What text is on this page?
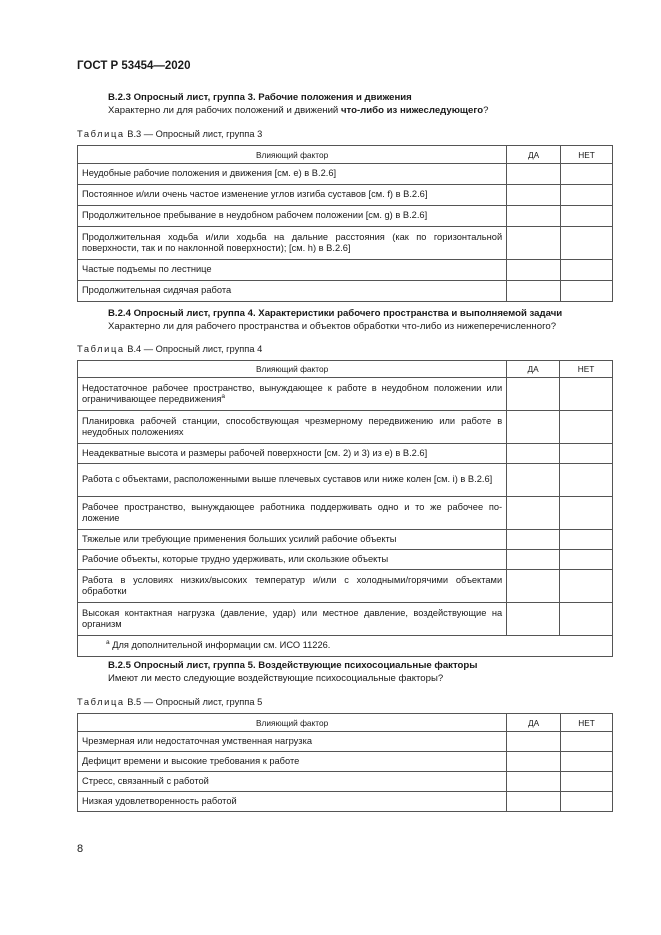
ГОСТ Р 53454—2020
B.2.3 Опросный лист, группа 3. Рабочие положения и движения
Характерно ли для рабочих положений и движений что-либо из нижеследующего?
Таблица В.3 — Опросный лист, группа 3
Влияющий фактор	ДА	НЕТ
Неудобные рабочие положения и движения [см. е) в В.2.6]		
Постоянное и/или очень частое изменение углов изгиба суставов [см. f) в В.2.6]		
Продолжительное пребывание в неудобном рабочем положении [см. g) в В.2.6]		
Продолжительная ходьба и/или ходьба на дальние расстояния (как по горизонтальной поверхности, так и по наклонной поверхности); [см. h) в В.2.6]		
Частые подъемы по лестнице		
Продолжительная сидячая работа		
B.2.4 Опросный лист, группа 4. Характеристики рабочего пространства и выполняемой задачи
Характерно ли для рабочего пространства и объектов обработки что-либо из нижеперечисленного?
Таблица В.4 — Опросный лист, группа 4
Влияющий фактор	ДА	НЕТ
Недостаточное рабочее пространство, вынуждающее к работе в неудобном положении или ограничивающее передвижения$^а$		
Планировка рабочей станции, способствующая чрезмерному передвижению или работе в неудобных положениях		
Неадекватные высота и размеры рабочей поверхности [см. 2) и 3) из е) в В.2.6]		
Работа с объектами, расположенными выше плечевых суставов или ниже колен [см. i) в В.2.6]		
Рабочее пространство, вынуждающее работника поддерживать одно и то же рабочее по-ложение		
Тяжелые или требующие применения больших усилий рабочие объекты		
Рабочие объекты, которые трудно удерживать, или скользкие объекты		
Работа в условиях низких/высоких температур и/или с холодными/горячими объектами обработки		
Высокая контактная нагрузка (давление, удар) или местное давление, воздействующие на организм		
$^а$ Для дополнительной информации см. ИСО 11226.		
B.2.5 Опросный лист, группа 5. Воздействующие психосоциальные факторы
Имеют ли место следующие воздействующие психосоциальные факторы?
Таблица В.5 — Опросный лист, группа 5
Влияющий фактор	ДА	НЕТ
Чрезмерная или недостаточная умственная нагрузка		
Дефицит времени и высокие требования к работе		
Стресс, связанный с работой		
Низкая удовлетворенность работой		
8
